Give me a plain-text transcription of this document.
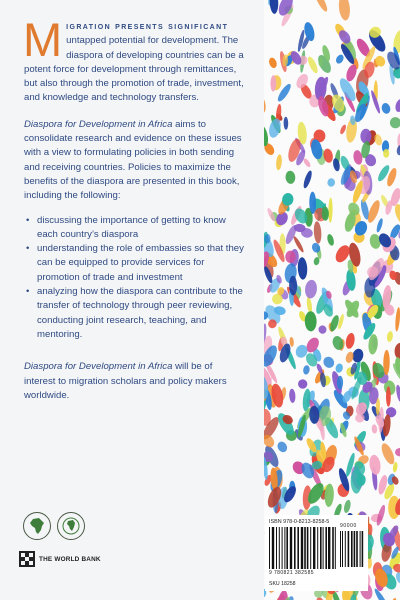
Migration presents significant untapped potential for development. The diaspora of developing countries can be a potent force for development through remittances, but also through the promotion of trade, investment, and knowledge and technology transfers.

Diaspora for Development in Africa aims to consolidate research and evidence on these issues with a view to formulating policies in both sending and receiving countries. Policies to maximize the benefits of the diaspora are presented in this book, including the following:

• discussing the importance of getting to know each country’s diaspora
• understanding the role of embassies so that they can be equipped to provide services for promotion of trade and investment
• analyzing how the diaspora can contribute to the transfer of technology through peer reviewing, conducting joint research, teaching, and mentoring.

Diaspora for Development in Africa will be of interest to migration scholars and policy makers worldwide.

THE WORLD BANK
ISBN 978-0-8213-8258-5
90000
9 780821 382585
SKU 18258
